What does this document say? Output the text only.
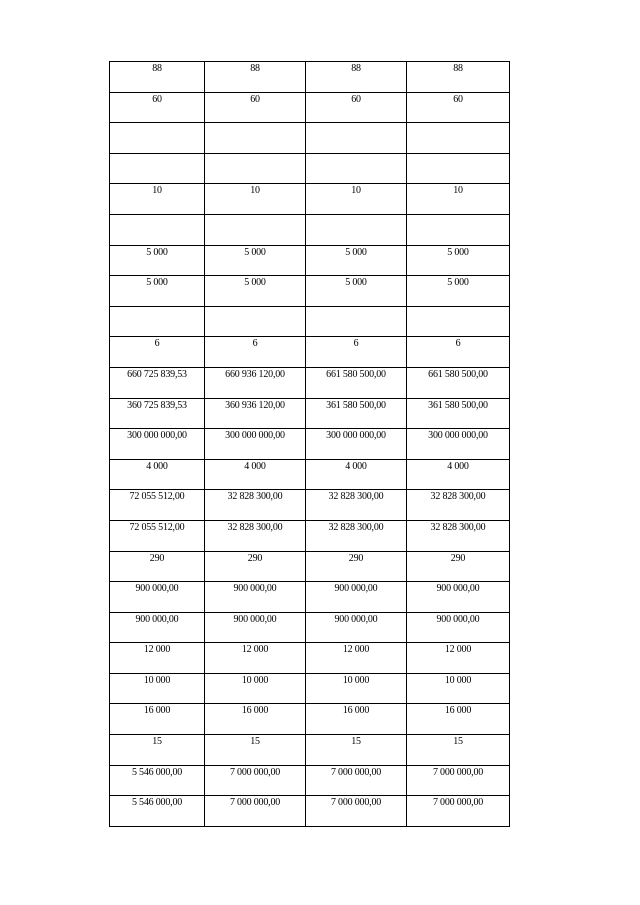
88	88	88	88

60	60	60	60

10	10	10	10

5 000	5 000	5 000	5 000

5 000	5 000	5 000	5 000

6	6	6	6

660 725 839,53	660 936 120,00	661 580 500,00	661 580 500,00

360 725 839,53	360 936 120,00	361 580 500,00	361 580 500,00

300 000 000,00	300 000 000,00	300 000 000,00	300 000 000,00

4 000	4 000	4 000	4 000

72 055 512,00	32 828 300,00	32 828 300,00	32 828 300,00

72 055 512,00	32 828 300,00	32 828 300,00	32 828 300,00

290	290	290	290

900 000,00	900 000,00	900 000,00	900 000,00

900 000,00	900 000,00	900 000,00	900 000,00

12 000	12 000	12 000	12 000

10 000	10 000	10 000	10 000

16 000	16 000	16 000	16 000

15	15	15	15

5 546 000,00	7 000 000,00	7 000 000,00	7 000 000,00

5 546 000,00	7 000 000,00	7 000 000,00	7 000 000,00
